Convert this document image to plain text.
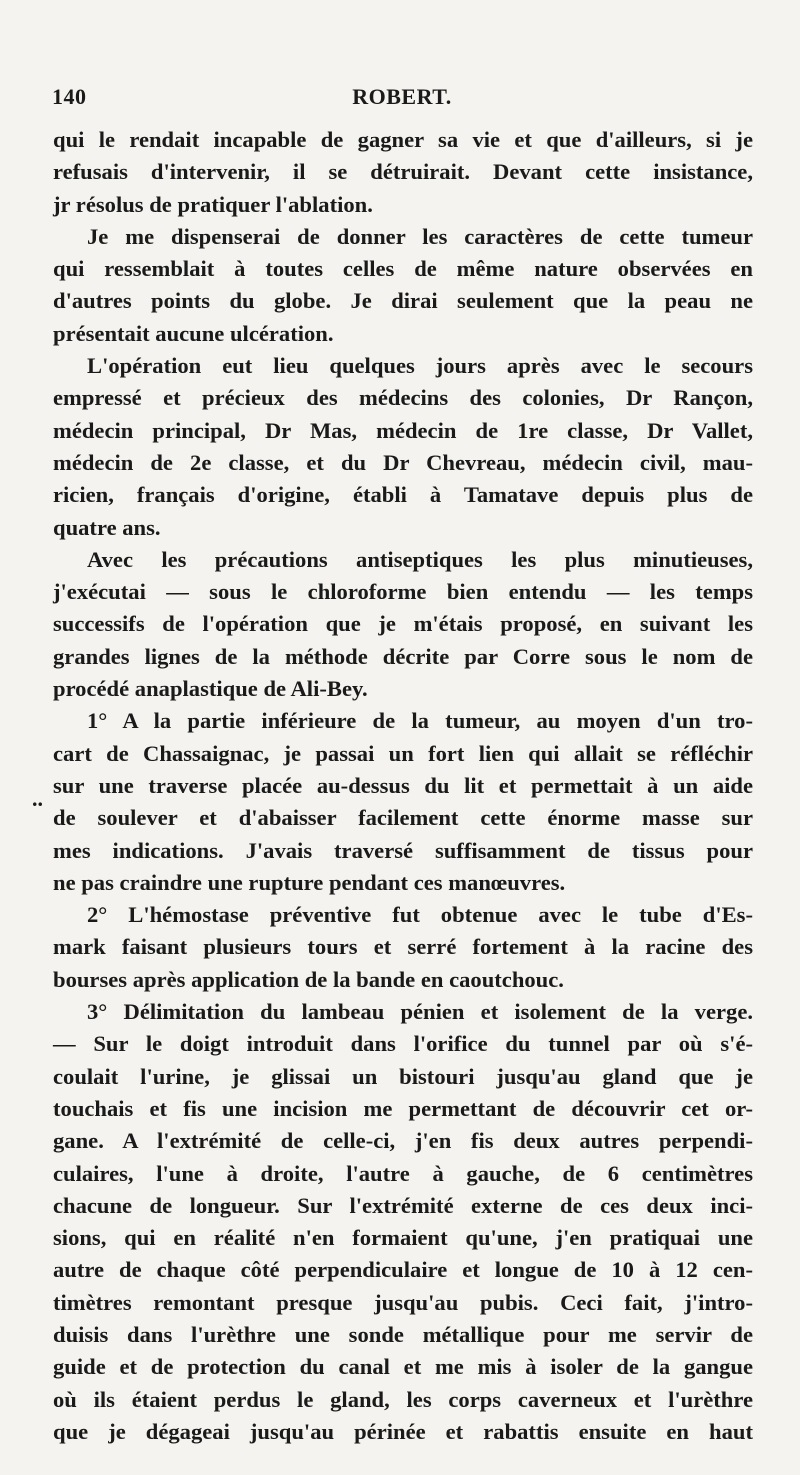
140	ROBERT.
..
qui le rendait incapable de gagner sa vie et que d'ailleurs, si je
refusais d'intervenir, il se détruirait. Devant cette insistance,
jr résolus de pratiquer l'ablation.
Je me dispenserai de donner les caractères de cette tumeur
qui ressemblait à toutes celles de même nature observées en
d'autres points du globe. Je dirai seulement que la peau ne
présentait aucune ulcération.
L'opération eut lieu quelques jours après avec le secours
empressé et précieux des médecins des colonies, Dr Rançon,
médecin principal, Dr Mas, médecin de 1re classe, Dr Vallet,
médecin de 2e classe, et du Dr Chevreau, médecin civil, mau-
ricien, français d'origine, établi à Tamatave depuis plus de
quatre ans.
Avec les précautions antiseptiques les plus minutieuses,
j'exécutai — sous le chloroforme bien entendu — les temps
successifs de l'opération que je m'étais proposé, en suivant les
grandes lignes de la méthode décrite par Corre sous le nom de
procédé anaplastique de Ali-Bey.
1° A la partie inférieure de la tumeur, au moyen d'un tro-
cart de Chassaignac, je passai un fort lien qui allait se réfléchir
sur une traverse placée au-dessus du lit et permettait à un aide
de soulever et d'abaisser facilement cette énorme masse sur
mes indications. J'avais traversé suffisamment de tissus pour
ne pas craindre une rupture pendant ces manœuvres.
2° L'hémostase préventive fut obtenue avec le tube d'Es-
mark faisant plusieurs tours et serré fortement à la racine des
bourses après application de la bande en caoutchouc.
3° Délimitation du lambeau pénien et isolement de la verge.
— Sur le doigt introduit dans l'orifice du tunnel par où s'é-
coulait l'urine, je glissai un bistouri jusqu'au gland que je
touchais et fis une incision me permettant de découvrir cet or-
gane. A l'extrémité de celle-ci, j'en fis deux autres perpendi-
culaires, l'une à droite, l'autre à gauche, de 6 centimètres
chacune de longueur. Sur l'extrémité externe de ces deux inci-
sions, qui en réalité n'en formaient qu'une, j'en pratiquai une
autre de chaque côté perpendiculaire et longue de 10 à 12 cen-
timètres remontant presque jusqu'au pubis. Ceci fait, j'intro-
duisis dans l'urèthre une sonde métallique pour me servir de
guide et de protection du canal et me mis à isoler de la gangue
où ils étaient perdus le gland, les corps caverneux et l'urèthre
que je dégageai jusqu'au périnée et rabattis ensuite en haut
